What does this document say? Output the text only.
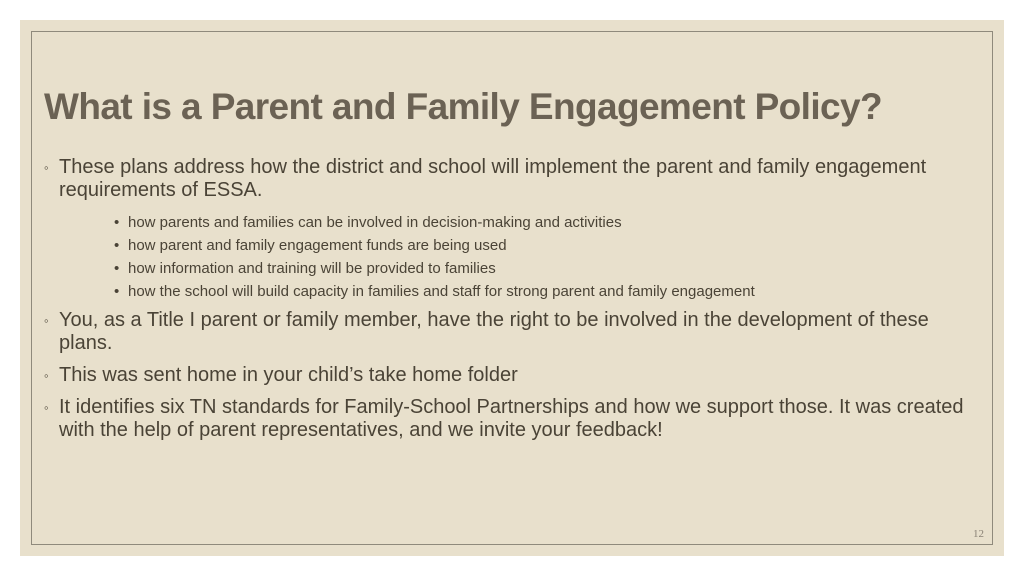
What is a Parent and Family Engagement Policy?
◦ These plans address how the district and school will implement the parent and family engagement requirements of ESSA.
• how parents and families can be involved in decision-making and activities
• how parent and family engagement funds are being used
• how information and training will be provided to families
• how the school will build capacity in families and staff for strong parent and family engagement
◦ You, as a Title I parent or family member, have the right to be involved in the development of these plans.
◦ This was sent home in your child’s take home folder
◦ It identifies six TN standards for Family-School Partnerships and how we support those. It was created with the help of parent representatives, and we invite your feedback!
12
